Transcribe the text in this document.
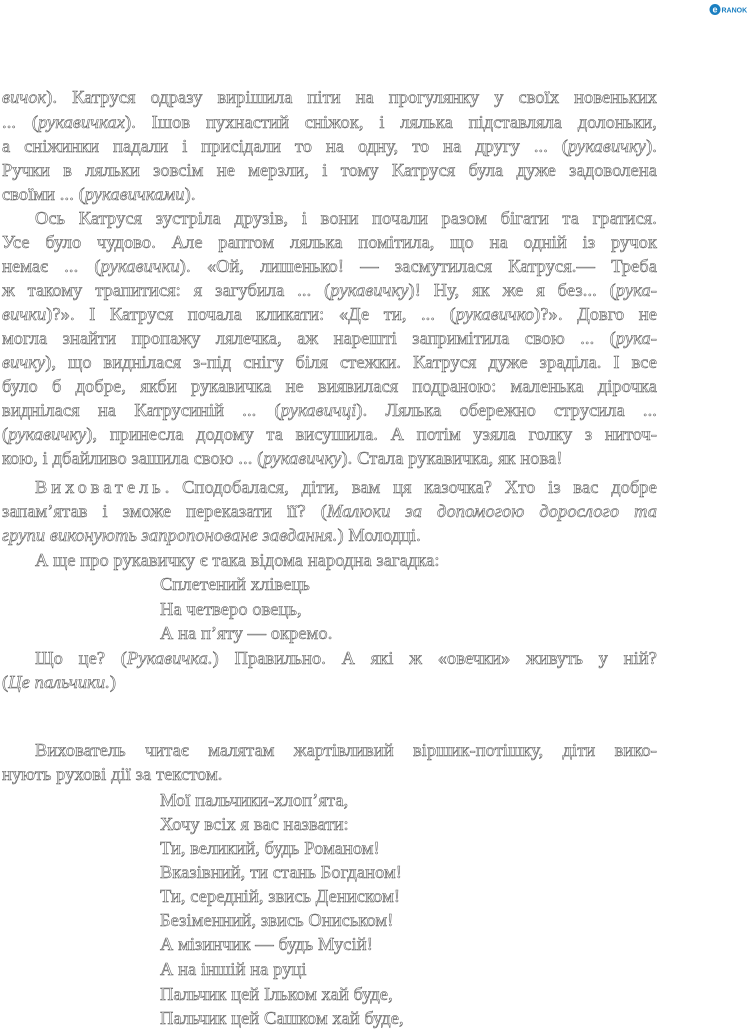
e RANOK
вичок). Катруся одразу вирішила піти на прогулянку у своїх новеньких
... (рукавичках). Ішов пухнастий сніжок, і лялька підставляла долоньки,
а сніжинки падали і присідали то на одну, то на другу ... (рукавичку).
Ручки в ляльки зовсім не мерзли, і тому Катруся була дуже задоволена
своїми ... (рукавичками).
Ось Катруся зустріла друзів, і вони почали разом бігати та гратися.
Усе було чудово. Але раптом лялька помітила, що на одній із ручок
немає ... (рукавички). «Ой, лишенько! — засмутилася Катруся.— Треба
ж такому трапитися: я загубила ... (рукавичку)! Ну, як же я без... (рука-
вички)?». І Катруся почала кликати: «Де ти, ... (рукавичко)?». Довго не
могла знайти пропажу лялечка, аж нарешті запримітила свою ... (рука-
вичку), що виднілася з-під снігу біля стежки. Катруся дуже зраділа. І все
було б добре, якби рукавичка не виявилася подраною: маленька дірочка
виднілася на Катрусиній ... (рукавичці). Лялька обережно струсила ...
(рукавичку), принесла додому та висушила. А потім узяла голку з ниточ-
кою, і дбайливо зашила свою ... (рукавичку). Стала рукавичка, як нова!
Вихователь. Сподобалася, діти, вам ця казочка? Хто із вас добре
запам’ятав і зможе переказати її? (Малюки за допомогою дорослого та
групи виконують запропоноване завдання.) Молодці.
А ще про рукавичку є така відома народна загадка:
Сплетений хлівець
На четверо овець,
А на п’яту — окремо.
Що це? (Рукавичка.) Правильно. А які ж «овечки» живуть у ній?
(Це пальчики.)
Вихователь читає малятам жартівливий віршик-потішку, діти вико-
нують рухові дії за текстом.
Мої пальчики-хлоп’ята,
Хочу всіх я вас назвати:
Ти, великий, будь Романом!
Вказівний, ти стань Богданом!
Ти, середній, звись Дениском!
Безіменний, звись Ониськом!
А мізинчик — будь Мусій!
А на іншій на руці
Пальчик цей Ільком хай буде,
Пальчик цей Сашком хай буде,
